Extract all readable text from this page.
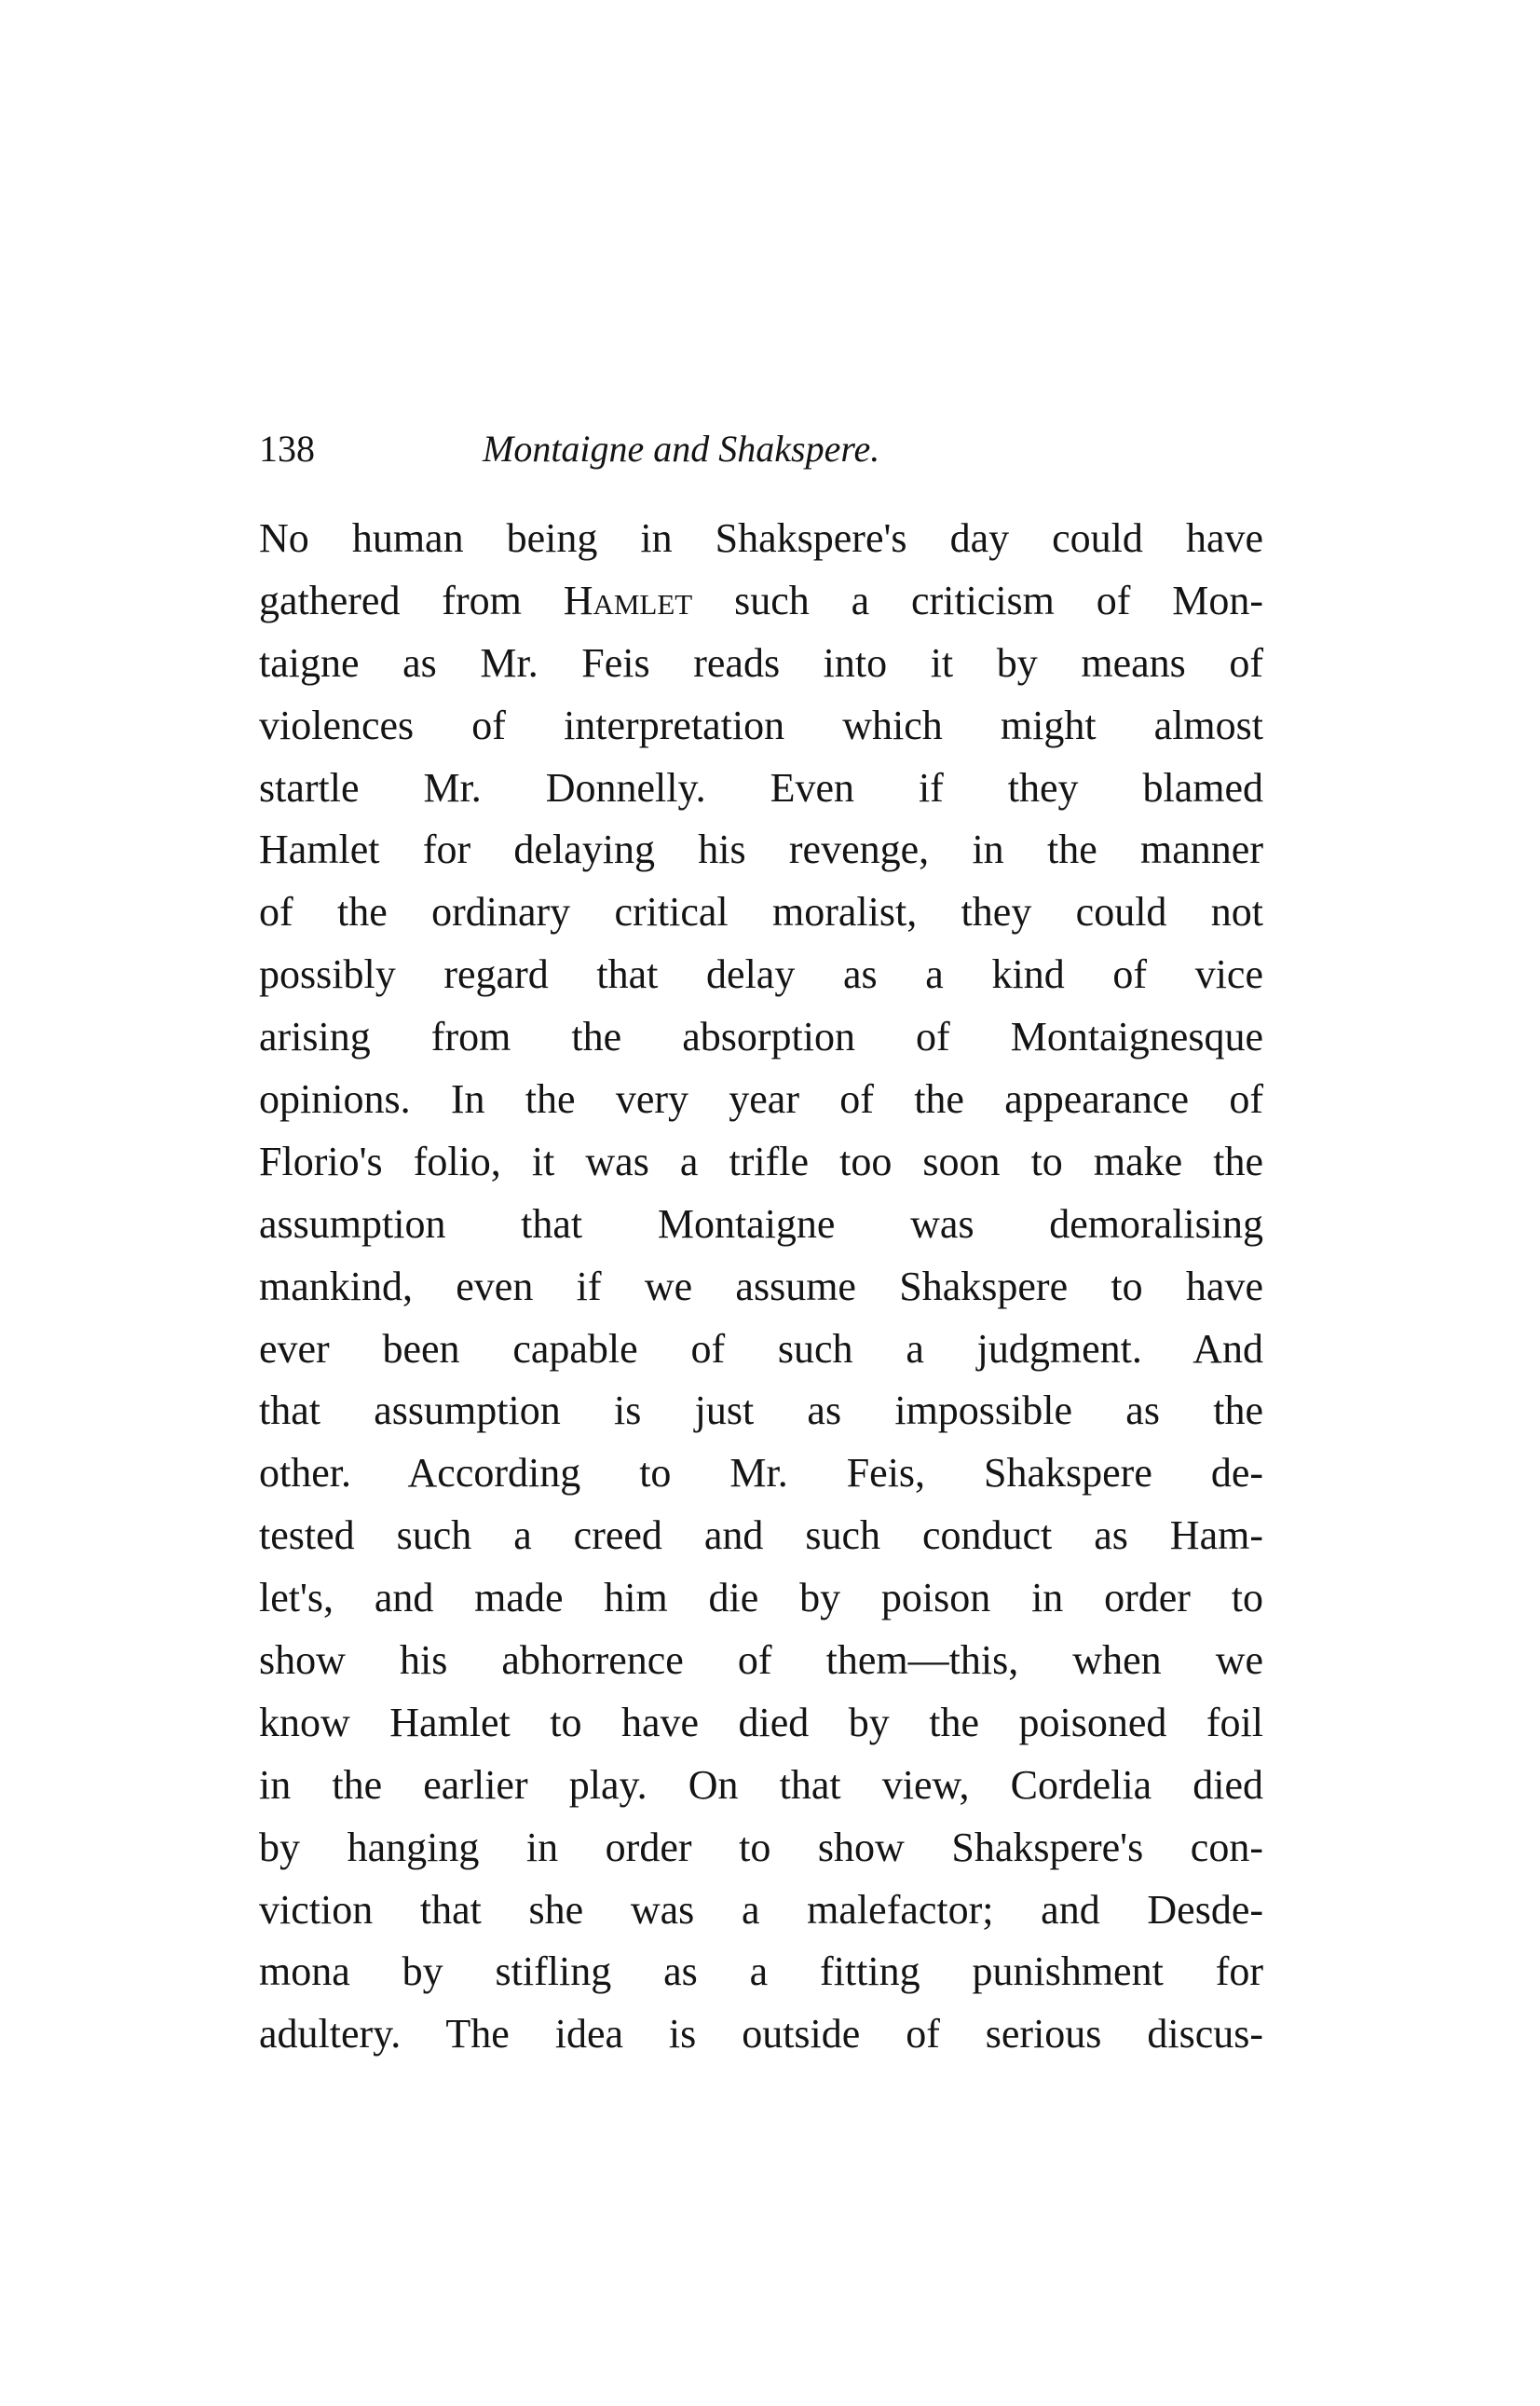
138	Montaigne and Shakspere.
No human being in Shakspere's day could have
gathered from Hamlet such a criticism of Mon-
taigne as Mr. Feis reads into it by means of
violences of interpretation which might almost
startle Mr. Donnelly. Even if they blamed
Hamlet for delaying his revenge, in the manner
of the ordinary critical moralist, they could not
possibly regard that delay as a kind of vice
arising from the absorption of Montaignesque
opinions. In the very year of the appearance of
Florio's folio, it was a trifle too soon to make the
assumption that Montaigne was demoralising
mankind, even if we assume Shakspere to have
ever been capable of such a judgment. And
that assumption is just as impossible as the
other. According to Mr. Feis, Shakspere de-
tested such a creed and such conduct as Ham-
let's, and made him die by poison in order to
show his abhorrence of them—this, when we
know Hamlet to have died by the poisoned foil
in the earlier play. On that view, Cordelia died
by hanging in order to show Shakspere's con-
viction that she was a malefactor; and Desde-
mona by stifling as a fitting punishment for
adultery. The idea is outside of serious discus-
